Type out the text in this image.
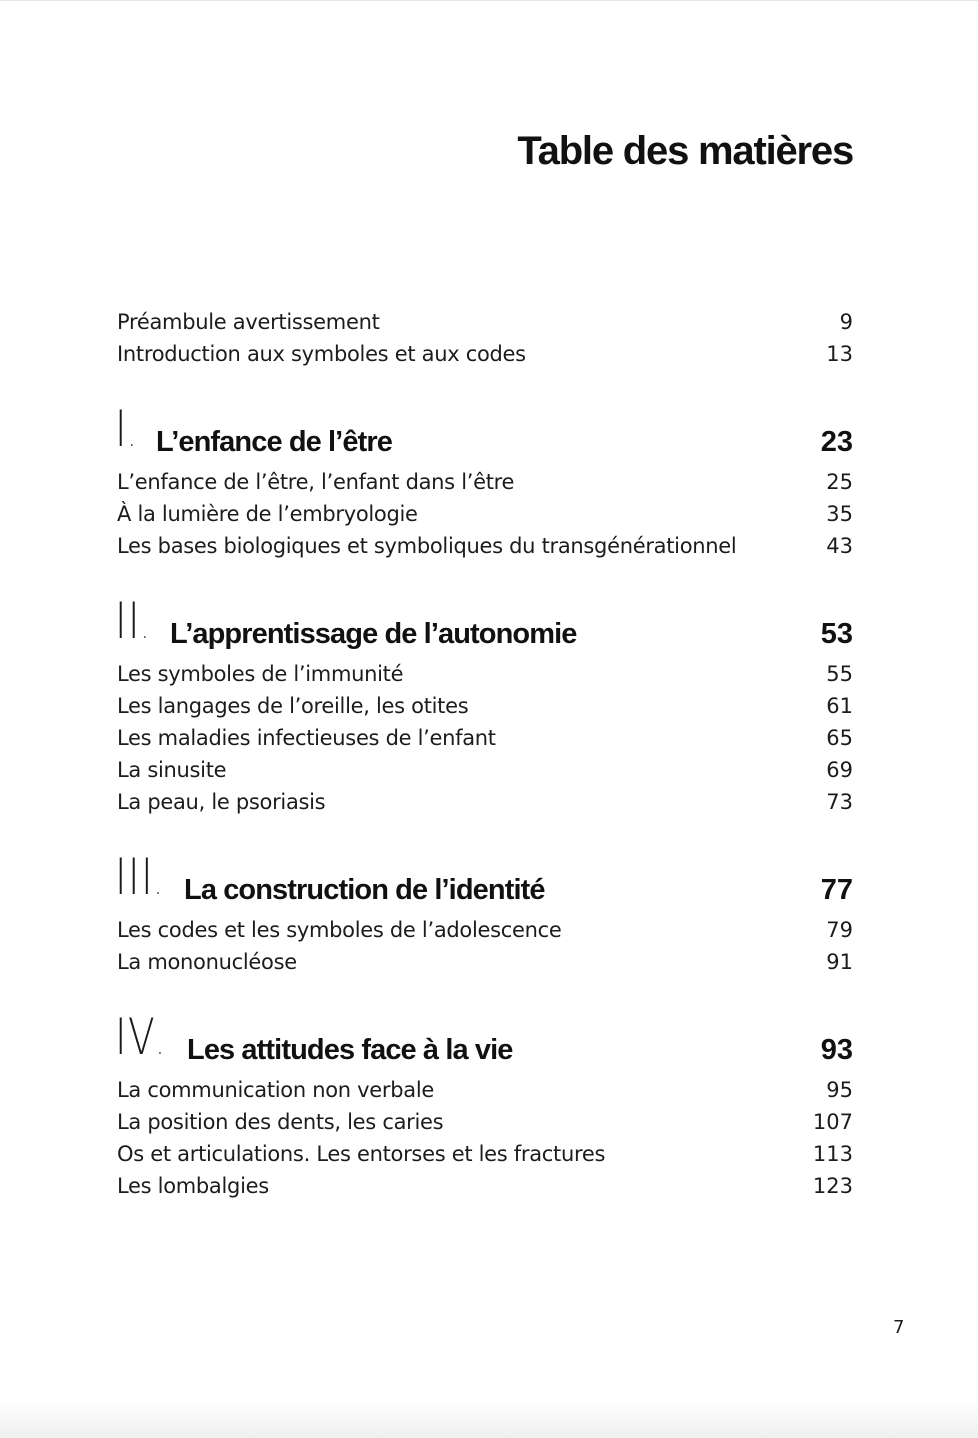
Table des matières
Préambule avertissement	9
Introduction aux symboles et aux codes	13
I. L’enfance de l’être	23
L’enfance de l’être, l’enfant dans l’être	25
À la lumière de l’embryologie	35
Les bases biologiques et symboliques du transgénérationnel	43
II. L’apprentissage de l’autonomie	53
Les symboles de l’immunité	55
Les langages de l’oreille, les otites	61
Les maladies infectieuses de l’enfant	65
La sinusite	69
La peau, le psoriasis	73
III. La construction de l’identité	77
Les codes et les symboles de l’adolescence	79
La mononucléose	91
IV. Les attitudes face à la vie	93
La communication non verbale	95
La position des dents, les caries	107
Os et articulations. Les entorses et les fractures	113
Les lombalgies	123
7
